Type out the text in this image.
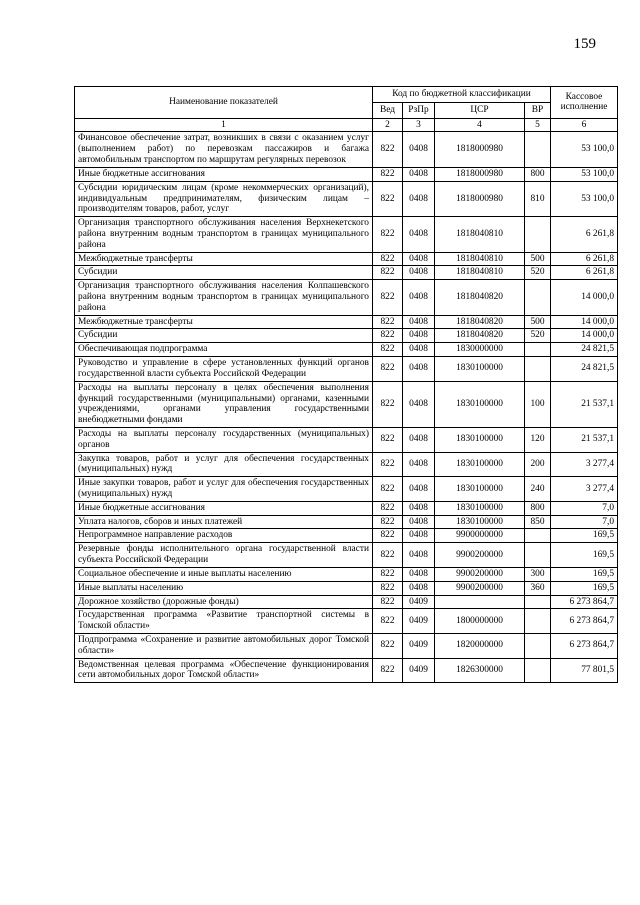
159
Наименование показателей	Код по бюджетной классификации				Кассовое исполнение
	Вед	РзПр	ЦСР	ВР	
1	2	3	4	5	6
Финансовое обеспечение затрат, возникших в связи с оказанием услуг (выполнением работ) по перевозкам пассажиров и багажа автомобильным транспортом по маршрутам регулярных перевозок	822	0408	1818000980		53 100,0
Иные бюджетные ассигнования	822	0408	1818000980	800	53 100,0
Субсидии юридическим лицам (кроме некоммерческих организаций), индивидуальным предпринимателям, физическим лицам – производителям товаров, работ, услуг	822	0408	1818000980	810	53 100,0
Организация транспортного обслуживания населения Верхнекетского района внутренним водным транспортом в границах муниципального района	822	0408	1818040810		6 261,8
Межбюджетные трансферты	822	0408	1818040810	500	6 261,8
Субсидии	822	0408	1818040810	520	6 261,8
Организация транспортного обслуживания населения Колпашевского района внутренним водным транспортом в границах муниципального района	822	0408	1818040820		14 000,0
Межбюджетные трансферты	822	0408	1818040820	500	14 000,0
Субсидии	822	0408	1818040820	520	14 000,0
Обеспечивающая подпрограмма	822	0408	1830000000		24 821,5
Руководство и управление в сфере установленных функций органов государственной власти субъекта Российской Федерации	822	0408	1830100000		24 821,5
Расходы на выплаты персоналу в целях обеспечения выполнения функций государственными (муниципальными) органами, казенными учреждениями, органами управления государственными внебюджетными фондами	822	0408	1830100000	100	21 537,1
Расходы на выплаты персоналу государственных (муниципальных) органов	822	0408	1830100000	120	21 537,1
Закупка товаров, работ и услуг для обеспечения государственных (муниципальных) нужд	822	0408	1830100000	200	3 277,4
Иные закупки товаров, работ и услуг для обеспечения государственных (муниципальных) нужд	822	0408	1830100000	240	3 277,4
Иные бюджетные ассигнования	822	0408	1830100000	800	7,0
Уплата налогов, сборов и иных платежей	822	0408	1830100000	850	7,0
Непрограммное направление расходов	822	0408	9900000000		169,5
Резервные фонды исполнительного органа государственной власти субъекта Российской Федерации	822	0408	9900200000		169,5
Социальное обеспечение и иные выплаты населению	822	0408	9900200000	300	169,5
Иные выплаты населению	822	0408	9900200000	360	169,5
Дорожное хозяйство (дорожные фонды)	822	0409			6 273 864,7
Государственная программа «Развитие транспортной системы в Томской области»	822	0409	1800000000		6 273 864,7
Подпрограмма «Сохранение и развитие автомобильных дорог Томской области»	822	0409	1820000000		6 273 864,7
Ведомственная целевая программа «Обеспечение функционирования сети автомобильных дорог Томской области»	822	0409	1826300000		77 801,5
